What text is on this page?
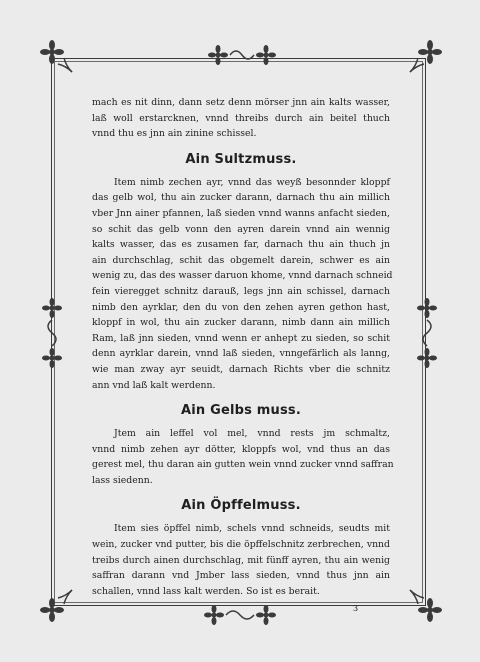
mach es nit dinn, dann setz denn mörser jnn ain kalts wasser,
laß woll erstarcknen, vnnd threibs durch ain beitel thuch
vnnd thu es jnn ain zinine schissel.
Ain Sultzmuss.
Item nimb zechen ayr, vnnd das weyß besonnder kloppf
das gelb wol, thu ain zucker darann, darnach thu ain millich
vber Jnn ainer pfannen, laß sieden vnnd wanns anfacht sieden,
so schit das gelb vonn den ayren darein vnnd ain wennig
kalts wasser, das es zusamen far, darnach thu ain thuch jn
ain durchschlag, schit das obgemelt darein, schwer es ain
wenig zu, das des wasser daruon khome, vnnd darnach schneid
fein vieregget schnitz darauß, legs jnn ain schissel, darnach
nimb den ayrklar, den du von den zehen ayren gethon hast,
kloppf in wol, thu ain zucker darann, nimb dann ain millich
Ram, laß jnn sieden, vnnd wenn er anhept zu sieden, so schit
denn ayrklar darein, vnnd laß sieden, vnngefärlich als lanng,
wie man zway ayr seuidt, darnach Richts vber die schnitz
ann vnd laß kalt werdenn.
Ain Gelbs muss.
Jtem ain leffel vol mel, vnnd rests jm schmaltz,
vnnd nimb zehen ayr dötter, kloppfs wol, vnd thus an das
gerest mel, thu daran ain gutten wein vnnd zucker vnnd saffran
lass siedenn.
Ain Öpffelmuss.
Item sies öpffel nimb, schels vnnd schneids, seudts mit
wein, zucker vnd putter, bis die öpffelschnitz zerbrechen, vnnd
treibs durch ainen durchschlag, mit fünff ayren, thu ain wenig
saffran darann vnd Jmber lass sieden, vnnd thus jnn ain
schallen, vnnd lass kalt werden. So ist es berait.
3
